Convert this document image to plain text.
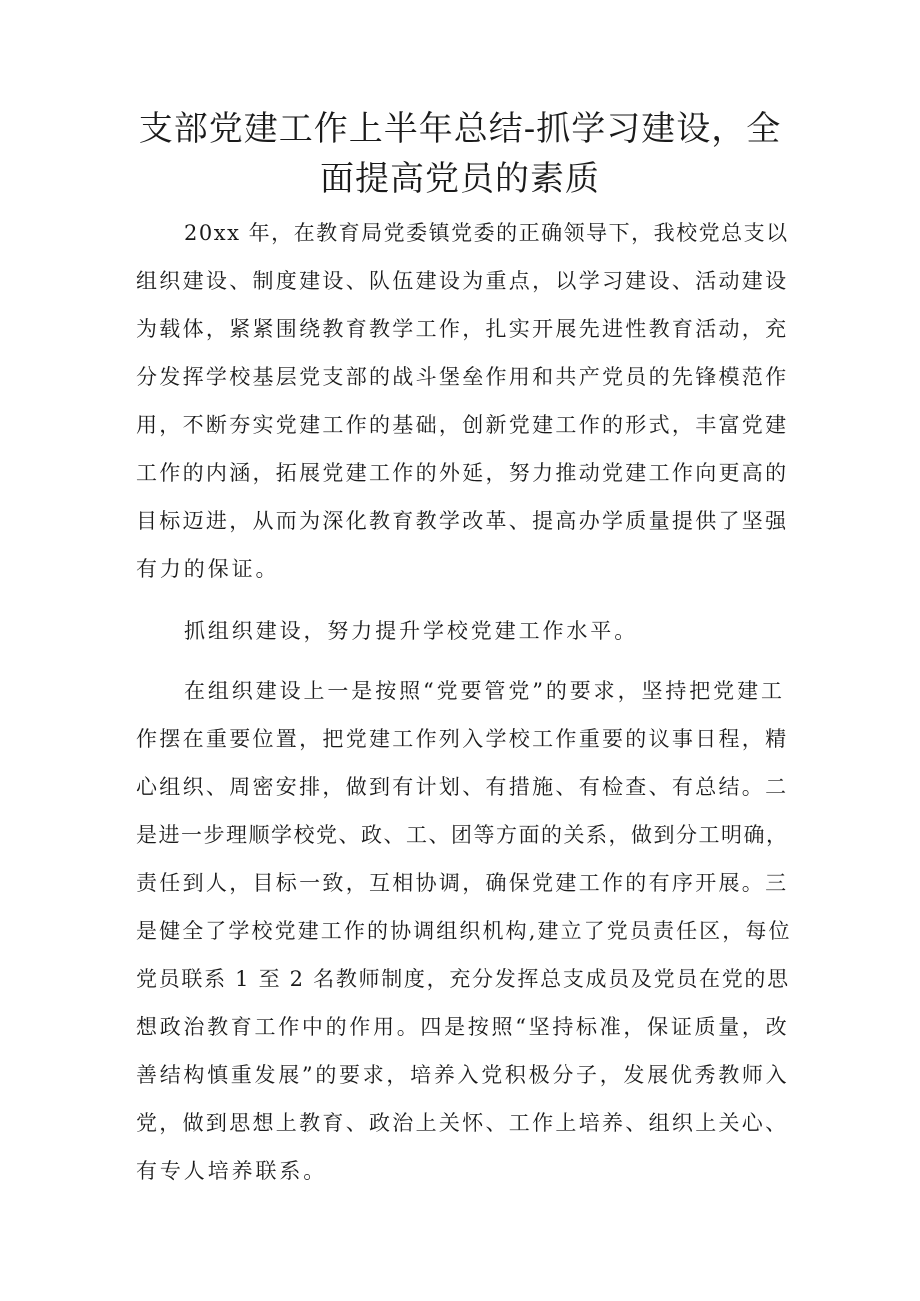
支部党建工作上半年总结-抓学习建设，全
面提高党员的素质
20xx 年，在教育局党委镇党委的正确领导下，我校党总支以
组织建设、制度建设、队伍建设为重点，以学习建设、活动建设
为载体，紧紧围绕教育教学工作，扎实开展先进性教育活动，充
分发挥学校基层党支部的战斗堡垒作用和共产党员的先锋模范作
用，不断夯实党建工作的基础，创新党建工作的形式，丰富党建
工作的内涵，拓展党建工作的外延，努力推动党建工作向更高的
目标迈进，从而为深化教育教学改革、提高办学质量提供了坚强
有力的保证。
抓组织建设，努力提升学校党建工作水平。
在组织建设上一是按照“党要管党”的要求，坚持把党建工
作摆在重要位置，把党建工作列入学校工作重要的议事日程，精
心组织、周密安排，做到有计划、有措施、有检查、有总结。二
是进一步理顺学校党、政、工、团等方面的关系，做到分工明确，
责任到人，目标一致，互相协调，确保党建工作的有序开展。三
是健全了学校党建工作的协调组织机构,建立了党员责任区，每位
党员联系 1 至 2 名教师制度，充分发挥总支成员及党员在党的思
想政治教育工作中的作用。四是按照“坚持标准，保证质量，改
善结构慎重发展”的要求，培养入党积极分子，发展优秀教师入
党，做到思想上教育、政治上关怀、工作上培养、组织上关心、
有专人培养联系。
